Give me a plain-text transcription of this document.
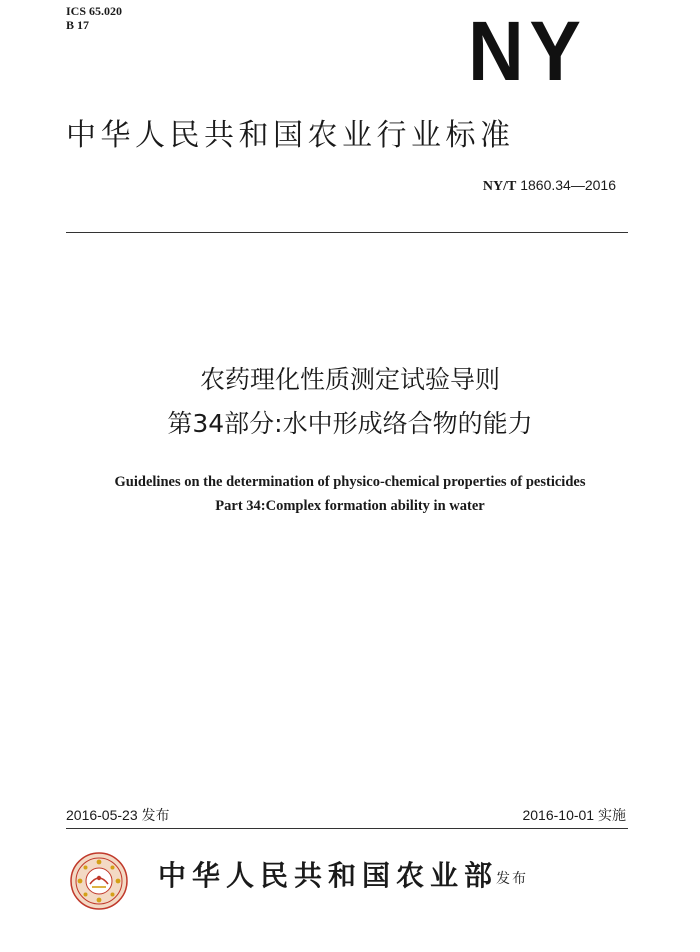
ICS 65.020
B 17	NY
中华人民共和国农业行业标准
NY/T 1860.34—2016
农药理化性质测定试验导则
第34部分:水中形成络合物的能力
Guidelines on the determination of physico-chemical properties of pesticides
Part 34:Complex formation ability in water
2016-05-23 发布	2016-10-01 实施
中华人民共和国农业部
发布
